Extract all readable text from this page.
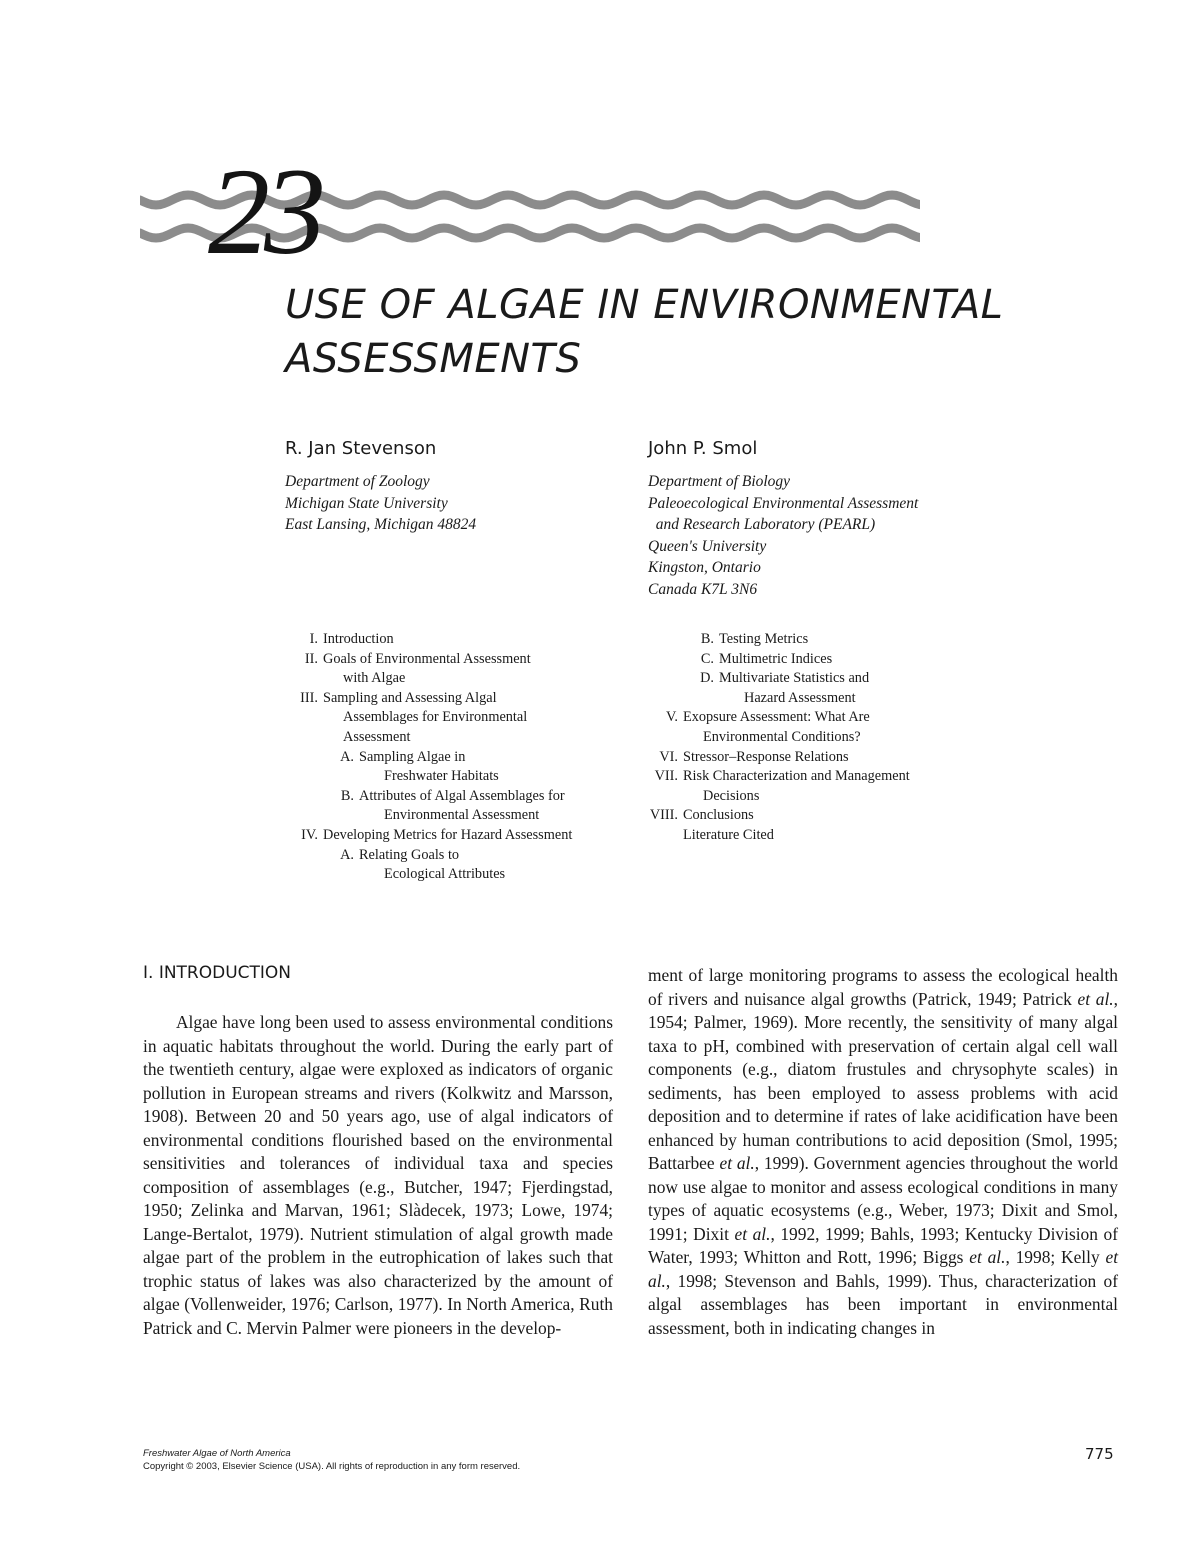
23
USE OF ALGAE IN ENVIRONMENTAL
ASSESSMENTS
R. Jan Stevenson
Department of Zoology
Michigan State University
East Lansing, Michigan 48824
John P. Smol
Department of Biology
Paleoecological Environmental Assessment
and Research Laboratory (PEARL)
Queen's University
Kingston, Ontario
Canada K7L 3N6
I. Introduction
II. Goals of Environmental Assessment
with Algae
III. Sampling and Assessing Algal
Assemblages for Environmental
Assessment
A. Sampling Algae in
Freshwater Habitats
B. Attributes of Algal Assemblages for
Environmental Assessment
IV. Developing Metrics for Hazard Assessment
A. Relating Goals to
Ecological Attributes
B. Testing Metrics
C. Multimetric Indices
D. Multivariate Statistics and
Hazard Assessment
V. Exopsure Assessment: What Are
Environmental Conditions?
VI. Stressor–Response Relations
VII. Risk Characterization and Management
Decisions
VIII. Conclusions
Literature Cited
I. INTRODUCTION

Algae have long been used to assess environmental conditions in aquatic habitats throughout the world. During the early part of the twentieth century, algae were exploxed as indicators of organic pollution in European streams and rivers (Kolkwitz and Marsson, 1908). Between 20 and 50 years ago, use of algal indicators of environmental conditions flourished based on the environmental sensitivities and tolerances of individual taxa and species composition of assemblages (e.g., Butcher, 1947; Fjerdingstad, 1950; Zelinka and Marvan, 1961; Slàdecek, 1973; Lowe, 1974; Lange-Bertalot, 1979). Nutrient stimulation of algal growth made algae part of the problem in the eutrophication of lakes such that trophic status of lakes was also characterized by the amount of algae (Vollenweider, 1976; Carlson, 1977). In North America, Ruth Patrick and C. Mervin Palmer were pioneers in the develop-

ment of large monitoring programs to assess the ecological health of rivers and nuisance algal growths (Patrick, 1949; Patrick et al., 1954; Palmer, 1969). More recently, the sensitivity of many algal taxa to pH, combined with preservation of certain algal cell wall components (e.g., diatom frustules and chrysophyte scales) in sediments, has been employed to assess problems with acid deposition and to determine if rates of lake acidification have been enhanced by human contributions to acid deposition (Smol, 1995; Battarbee et al., 1999). Government agencies throughout the world now use algae to monitor and assess ecological conditions in many types of aquatic ecosystems (e.g., Weber, 1973; Dixit and Smol, 1991; Dixit et al., 1992, 1999; Bahls, 1993; Kentucky Division of Water, 1993; Whitton and Rott, 1996; Biggs et al., 1998; Kelly et al., 1998; Stevenson and Bahls, 1999). Thus, characterization of algal assemblages has been important in environmental assessment, both in indicating changes in

Freshwater Algae of North America
Copyright © 2003, Elsevier Science (USA). All rights of reproduction in any form reserved.
775
